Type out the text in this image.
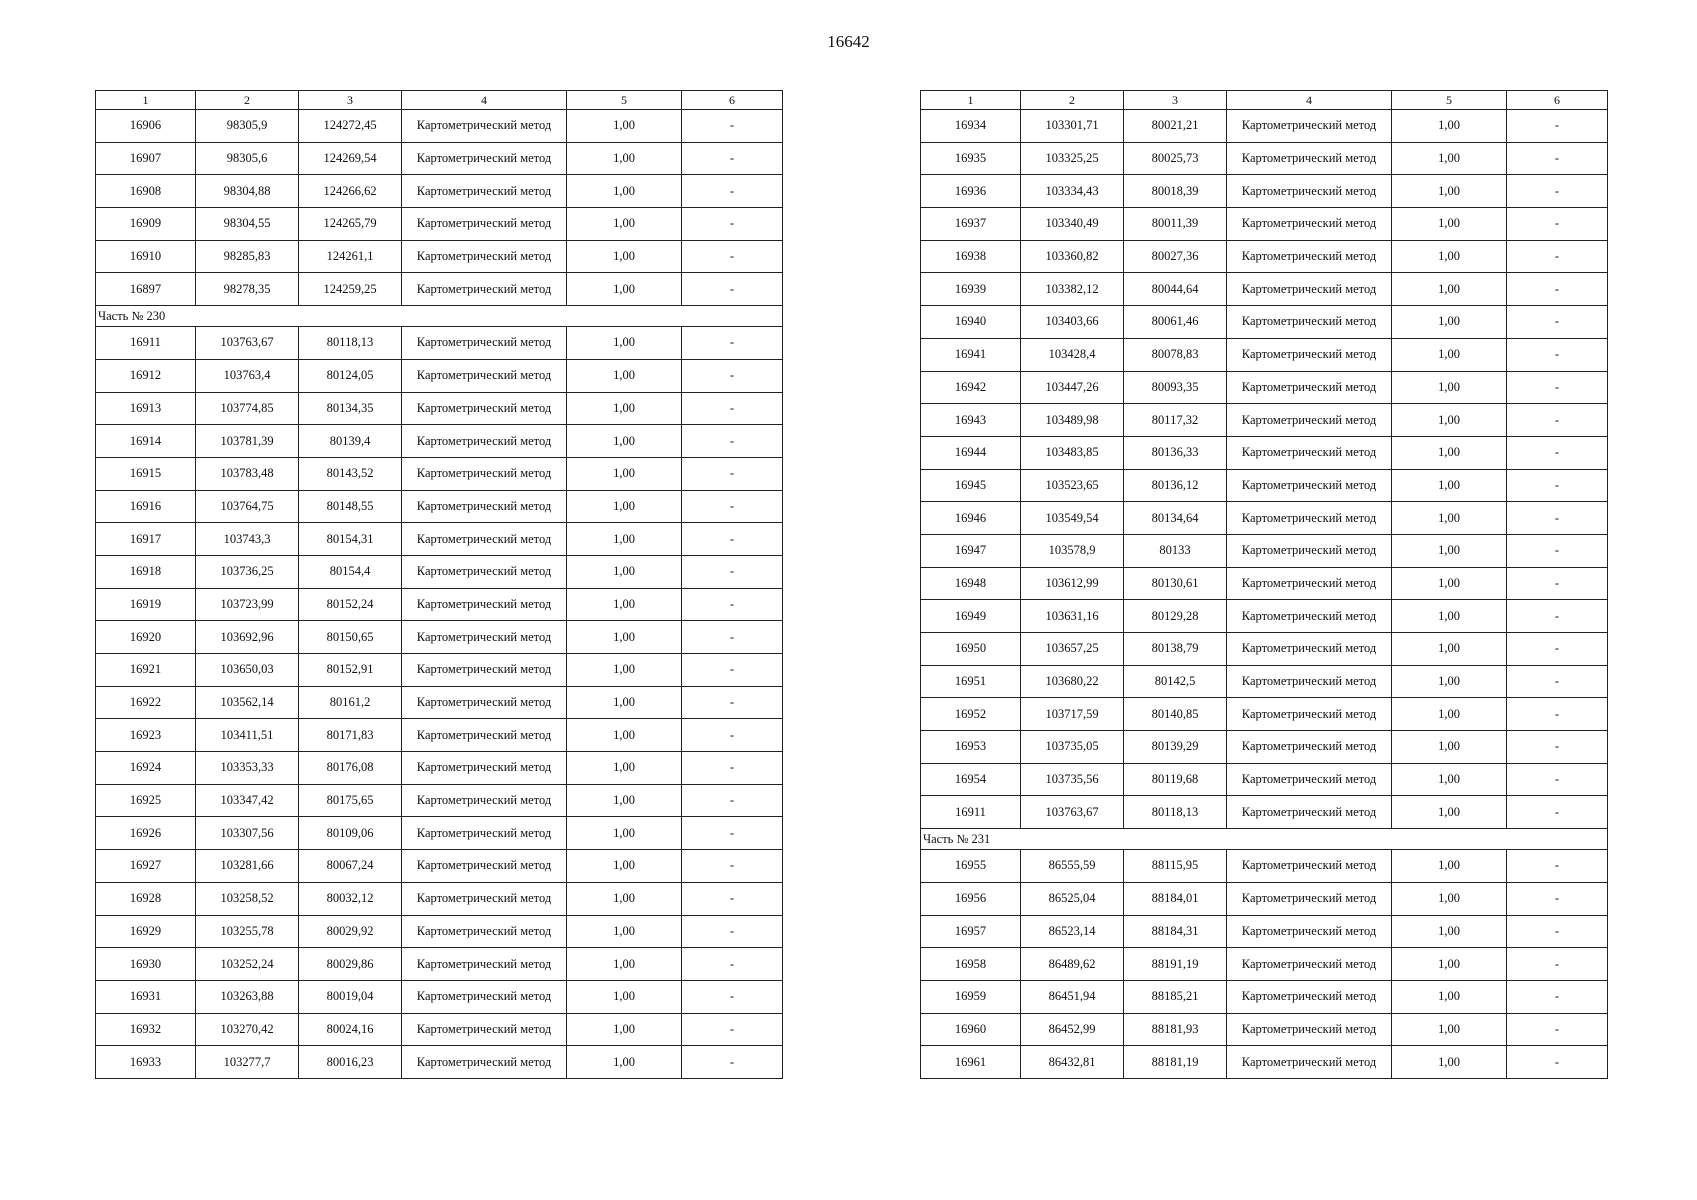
16642
1	2	3	4	5	6
16906	98305,9	124272,45	Картометрический метод	1,00	-
16907	98305,6	124269,54	Картометрический метод	1,00	-
16908	98304,88	124266,62	Картометрический метод	1,00	-
16909	98304,55	124265,79	Картометрический метод	1,00	-
16910	98285,83	124261,1	Картометрический метод	1,00	-
16897	98278,35	124259,25	Картометрический метод	1,00	-
Часть № 230					
16911	103763,67	80118,13	Картометрический метод	1,00	-
16912	103763,4	80124,05	Картометрический метод	1,00	-
16913	103774,85	80134,35	Картометрический метод	1,00	-
16914	103781,39	80139,4	Картометрический метод	1,00	-
16915	103783,48	80143,52	Картометрический метод	1,00	-
16916	103764,75	80148,55	Картометрический метод	1,00	-
16917	103743,3	80154,31	Картометрический метод	1,00	-
16918	103736,25	80154,4	Картометрический метод	1,00	-
16919	103723,99	80152,24	Картометрический метод	1,00	-
16920	103692,96	80150,65	Картометрический метод	1,00	-
16921	103650,03	80152,91	Картометрический метод	1,00	-
16922	103562,14	80161,2	Картометрический метод	1,00	-
16923	103411,51	80171,83	Картометрический метод	1,00	-
16924	103353,33	80176,08	Картометрический метод	1,00	-
16925	103347,42	80175,65	Картометрический метод	1,00	-
16926	103307,56	80109,06	Картометрический метод	1,00	-
16927	103281,66	80067,24	Картометрический метод	1,00	-
16928	103258,52	80032,12	Картометрический метод	1,00	-
16929	103255,78	80029,92	Картометрический метод	1,00	-
16930	103252,24	80029,86	Картометрический метод	1,00	-
16931	103263,88	80019,04	Картометрический метод	1,00	-
16932	103270,42	80024,16	Картометрический метод	1,00	-
16933	103277,7	80016,23	Картометрический метод	1,00	-
1	2	3	4	5	6
16934	103301,71	80021,21	Картометрический метод	1,00	-
16935	103325,25	80025,73	Картометрический метод	1,00	-
16936	103334,43	80018,39	Картометрический метод	1,00	-
16937	103340,49	80011,39	Картометрический метод	1,00	-
16938	103360,82	80027,36	Картометрический метод	1,00	-
16939	103382,12	80044,64	Картометрический метод	1,00	-
16940	103403,66	80061,46	Картометрический метод	1,00	-
16941	103428,4	80078,83	Картометрический метод	1,00	-
16942	103447,26	80093,35	Картометрический метод	1,00	-
16943	103489,98	80117,32	Картометрический метод	1,00	-
16944	103483,85	80136,33	Картометрический метод	1,00	-
16945	103523,65	80136,12	Картометрический метод	1,00	-
16946	103549,54	80134,64	Картометрический метод	1,00	-
16947	103578,9	80133	Картометрический метод	1,00	-
16948	103612,99	80130,61	Картометрический метод	1,00	-
16949	103631,16	80129,28	Картометрический метод	1,00	-
16950	103657,25	80138,79	Картометрический метод	1,00	-
16951	103680,22	80142,5	Картометрический метод	1,00	-
16952	103717,59	80140,85	Картометрический метод	1,00	-
16953	103735,05	80139,29	Картометрический метод	1,00	-
16954	103735,56	80119,68	Картометрический метод	1,00	-
16911	103763,67	80118,13	Картометрический метод	1,00	-
Часть № 231					
16955	86555,59	88115,95	Картометрический метод	1,00	-
16956	86525,04	88184,01	Картометрический метод	1,00	-
16957	86523,14	88184,31	Картометрический метод	1,00	-
16958	86489,62	88191,19	Картометрический метод	1,00	-
16959	86451,94	88185,21	Картометрический метод	1,00	-
16960	86452,99	88181,93	Картометрический метод	1,00	-
16961	86432,81	88181,19	Картометрический метод	1,00	-
